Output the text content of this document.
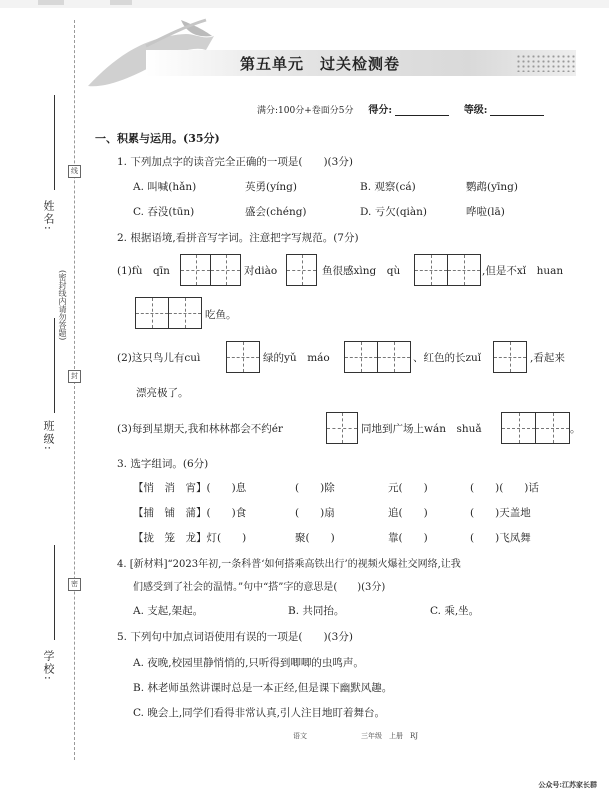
姓名:
班级:
学校:
(密封线内请勿答题)
线
封
密
第五单元　过关检测卷
满分:100分+卷面分5分 得分:	等级:
一、积累与运用。(35分)
1. 下列加点字的读音完全正确的一项是(　　)(3分)
A. 叫喊(hǎn)	英勇(yíng)	B. 观察(cá)	鹦鹉(yīng)
C. 吞没(tūn)	盛会(chéng)	D. 亏欠(qiàn)	哗啦(lā)
2. 根据语境,看拼音写字词。注意把字写规范。(7分)
(1)fù　qīn	对diào	鱼很感xìng　qù	,但是不xǐ　huan
吃鱼。
(2)这只鸟儿有cuì	绿的yǔ　máo	、红色的长zuǐ	,看起来
漂亮极了。
(3)每到星期天,我和林林都会不约ér	同地到广场上wán　shuǎ	。
3. 选字组词。(6分)
【悄　消　宵】(　　)息	(　　)除	元(　　)	(　　)(　　)话
【捕　铺　蒲】(　　)食	(　　)扇	追(　　)	(　　)天盖地
【拢　笼　龙】灯(　　)	聚(　　)	靠(　　)	(　　)飞凤舞
4. [新材料]“2023年初,一条科普‘如何搭乘高铁出行’的视频火爆社交网络,让我
们感受到了社会的温情。”句中“搭”字的意思是(　　)(3分)
A. 支起,架起。	B. 共同抬。	C. 乘,坐。
5. 下列句中加点词语使用有误的一项是(　　)(3分)
A. 夜晚,校园里静悄悄的,只听得到唧唧的虫鸣声。
B. 林老师虽然讲课时总是一本正经,但是课下幽默风趣。
C. 晚会上,同学们看得非常认真,引人注目地盯着舞台。
语文	三年级　上册　RJ
公众号:江苏家长群
